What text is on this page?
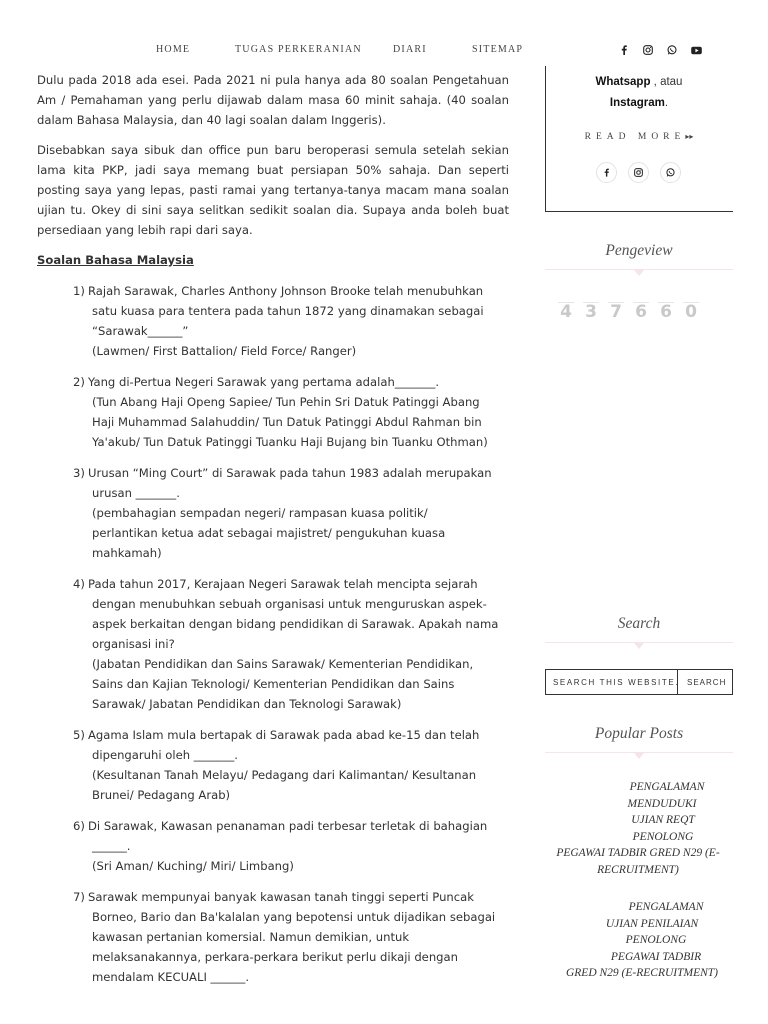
HOME	TUGAS PERKERANIAN	DIARI	SITEMAP

Dulu pada 2018 ada esei. Pada 2021 ni pula hanya ada 80 soalan Pengetahuan Am / Pemahaman yang perlu dijawab dalam masa 60 minit sahaja. (40 soalan dalam Bahasa Malaysia, dan 40 lagi soalan dalam Inggeris).

Disebabkan saya sibuk dan office pun baru beroperasi semula setelah sekian lama kita PKP, jadi saya memang buat persiapan 50% sahaja. Dan seperti posting saya yang lepas, pasti ramai yang tertanya-tanya macam mana soalan ujian tu. Okey di sini saya selitkan sedikit soalan dia. Supaya anda boleh buat persediaan yang lebih rapi dari saya.

Soalan Bahasa Malaysia
1) Rajah Sarawak, Charles Anthony Johnson Brooke telah menubuhkan
satu kuasa para tentera pada tahun 1872 yang dinamakan sebagai
“Sarawak______”
(Lawmen/ First Battalion/ Field Force/ Ranger)
2) Yang di-Pertua Negeri Sarawak yang pertama adalah_______.
(Tun Abang Haji Openg Sapiee/ Tun Pehin Sri Datuk Patinggi Abang
Haji Muhammad Salahuddin/ Tun Datuk Patinggi Abdul Rahman bin
Ya'akub/ Tun Datuk Patinggi Tuanku Haji Bujang bin Tuanku Othman)
3) Urusan “Ming Court” di Sarawak pada tahun 1983 adalah merupakan
urusan _______.
(pembahagian sempadan negeri/ rampasan kuasa politik/
perlantikan ketua adat sebagai majistret/ pengukuhan kuasa
mahkamah)
4) Pada tahun 2017, Kerajaan Negeri Sarawak telah mencipta sejarah
dengan menubuhkan sebuah organisasi untuk menguruskan aspek-
aspek berkaitan dengan bidang pendidikan di Sarawak. Apakah nama
organisasi ini?
(Jabatan Pendidikan dan Sains Sarawak/ Kementerian Pendidikan,
Sains dan Kajian Teknologi/ Kementerian Pendidikan dan Sains
Sarawak/ Jabatan Pendidikan dan Teknologi Sarawak)
5) Agama Islam mula bertapak di Sarawak pada abad ke-15 dan telah
dipengaruhi oleh _______.
(Kesultanan Tanah Melayu/ Pedagang dari Kalimantan/ Kesultanan
Brunei/ Pedagang Arab)
6) Di Sarawak, Kawasan penanaman padi terbesar terletak di bahagian
______.
(Sri Aman/ Kuching/ Miri/ Limbang)
7) Sarawak mempunyai banyak kawasan tanah tinggi seperti Puncak
Borneo, Bario dan Ba'kalalan yang bepotensi untuk dijadikan sebagai
kawasan pertanian komersial. Namun demikian, untuk
melaksanakannya, perkara-perkara berikut perlu dikaji dengan
mendalam KECUALI ______.
Whatsapp , atau
Instagram.
READ MORE▸▸
Pengeview
4 3 7 6 6 0
Search
SEARCH THIS WEBSITE.
SEARCH
Popular Posts
PENGALAMAN
MENDUDUKI
UJIAN REQT
PENOLONG
PEGAWAI TADBIR GRED N29 (E-
RECRUITMENT)
PENGALAMAN
UJIAN PENILAIAN
PENOLONG
PEGAWAI TADBIR
GRED N29 (E-RECRUITMENT)
